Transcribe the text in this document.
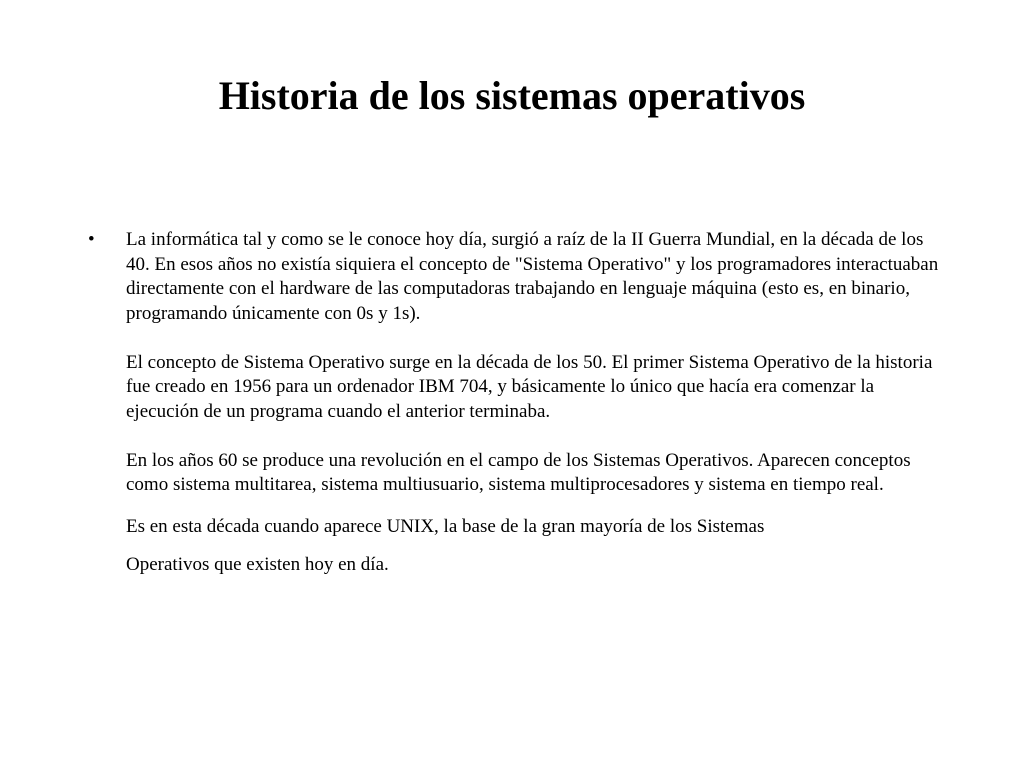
Historia de los sistemas operativos
•	La informática tal y como se le conoce hoy día, surgió a raíz de la II Guerra Mundial, en la década de los 40. En esos años no existía siquiera el concepto de "Sistema Operativo" y los programadores interactuaban directamente con el hardware de las computadoras trabajando en lenguaje máquina (esto es, en binario, programando únicamente con 0s y 1s).

El concepto de Sistema Operativo surge en la década de los 50. El primer Sistema Operativo de la historia fue creado en 1956 para un ordenador IBM 704, y básicamente lo único que hacía era comenzar la ejecución de un programa cuando el anterior terminaba.

En los años 60 se produce una revolución en el campo de los Sistemas Operativos. Aparecen conceptos como sistema multitarea, sistema multiusuario, sistema multiprocesadores y sistema en tiempo real.

Es en esta década cuando aparece UNIX, la base de la gran mayoría de los Sistemas

Operativos que existen hoy en día.
